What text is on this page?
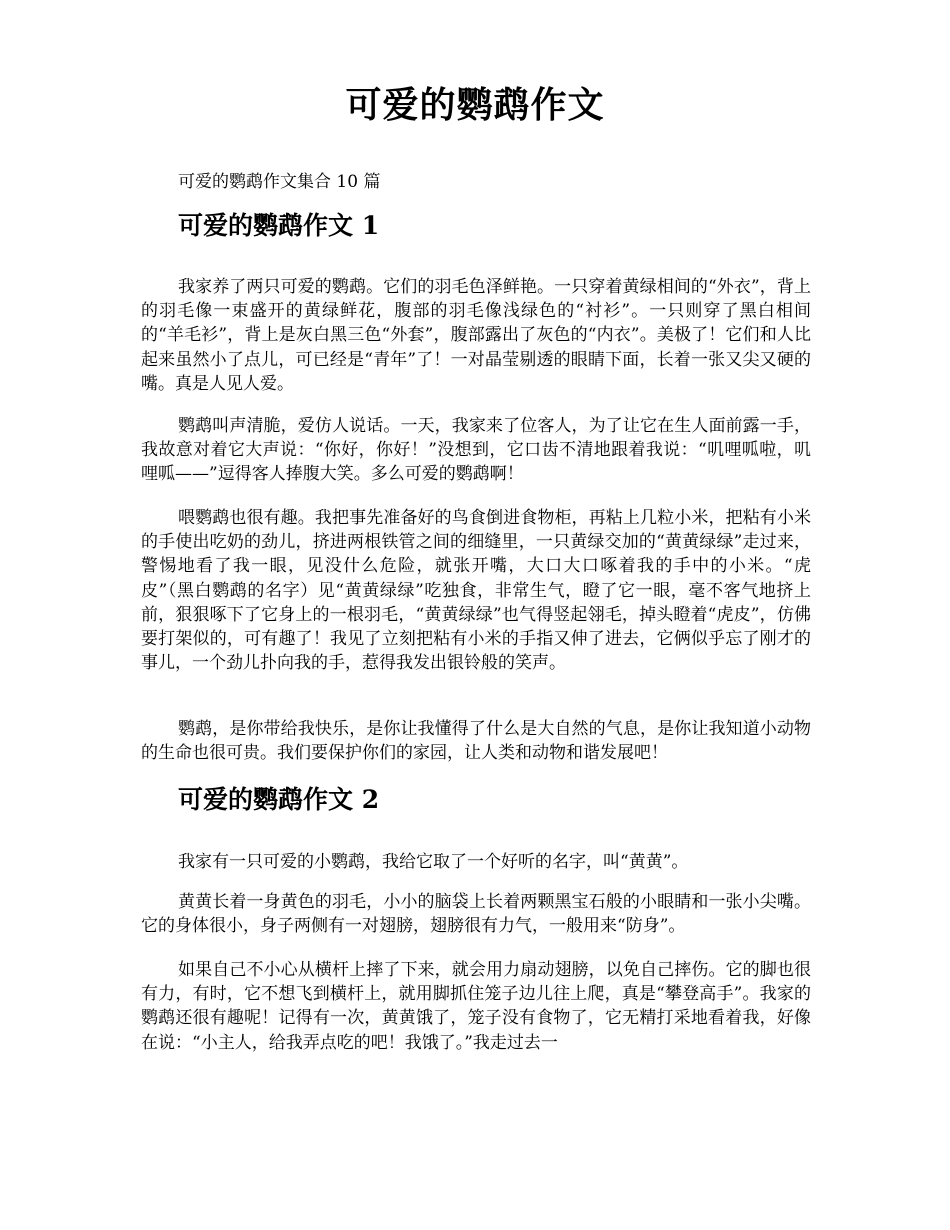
可爱的鹦鹉作文
可爱的鹦鹉作文集合 10 篇
可爱的鹦鹉作文 1

我家养了两只可爱的鹦鹉。它们的羽毛色泽鲜艳。一只穿着黄绿相间的“外衣”，背上的羽毛像一束盛开的黄绿鲜花，腹部的羽毛像浅绿色的“衬衫”。一只则穿了黑白相间的“羊毛衫”，背上是灰白黑三色“外套”，腹部露出了灰色的“内衣”。美极了！它们和人比起来虽然小了点儿，可已经是“青年”了！一对晶莹剔透的眼睛下面，长着一张又尖又硬的嘴。真是人见人爱。

鹦鹉叫声清脆，爱仿人说话。一天，我家来了位客人，为了让它在生人面前露一手，我故意对着它大声说：“你好，你好！”没想到，它口齿不清地跟着我说：“叽哩呱啦，叽哩呱——”逗得客人捧腹大笑。多么可爱的鹦鹉啊！

喂鹦鹉也很有趣。我把事先准备好的鸟食倒进食物柜，再粘上几粒小米，把粘有小米的手使出吃奶的劲儿，挤进两根铁管之间的细缝里，一只黄绿交加的“黄黄绿绿”走过来，警惕地看了我一眼，见没什么危险，就张开嘴，大口大口啄着我的手中的小米。“虎皮”（黑白鹦鹉的名字）见“黄黄绿绿”吃独食，非常生气，瞪了它一眼，毫不客气地挤上前，狠狠啄下了它身上的一根羽毛，“黄黄绿绿”也气得竖起翎毛，掉头瞪着“虎皮”，仿佛要打架似的，可有趣了！我见了立刻把粘有小米的手指又伸了进去，它俩似乎忘了刚才的事儿，一个劲儿扑向我的手，惹得我发出银铃般的笑声。

鹦鹉，是你带给我快乐，是你让我懂得了什么是大自然的气息，是你让我知道小动物的生命也很可贵。我们要保护你们的家园，让人类和动物和谐发展吧！

可爱的鹦鹉作文 2

我家有一只可爱的小鹦鹉，我给它取了一个好听的名字，叫“黄黄”。

黄黄长着一身黄色的羽毛，小小的脑袋上长着两颗黑宝石般的小眼睛和一张小尖嘴。它的身体很小，身子两侧有一对翅膀，翅膀很有力气，一般用来“防身”。

如果自己不小心从横杆上摔了下来，就会用力扇动翅膀，以免自己摔伤。它的脚也很有力，有时，它不想飞到横杆上，就用脚抓住笼子边儿往上爬，真是“攀登高手”。我家的鹦鹉还很有趣呢！记得有一次，黄黄饿了，笼子没有食物了，它无精打采地看着我，好像在说：“小主人，给我弄点吃的吧！我饿了。”我走过去一
